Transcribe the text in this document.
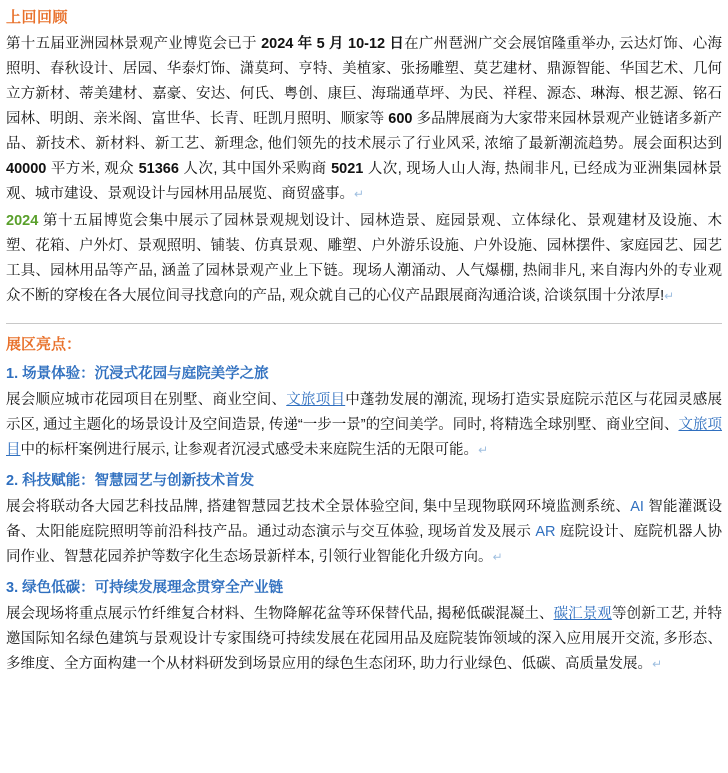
上回回顾

第十五届亚洲园林景观产业博览会已于 2024 年 5 月 10-12 日在广州琶洲广交会展馆隆重举办, 云达灯饰、心海照明、春秋设计、居园、华泰灯饰、潇莫珂、亨特、美植家、张扬雕塑、莫艺建材、鼎源智能、华国艺术、几何立方新材、蒂美建材、嘉豪、安达、何氏、粤创、康巨、海瑞通草坪、为民、祥程、源态、琳海、根艺源、铭石园林、明朗、亲米阁、富世华、长青、旺凯月照明、顺家等 600 多品牌展商为大家带来园林景观产业链诸多新产品、新技术、新材料、新工艺、新理念, 他们领先的技术展示了行业风采, 浓缩了最新潮流趋势。展会面积达到 40000 平方米, 观众 51366 人次, 其中国外采购商 5021 人次, 现场人山人海, 热闹非凡, 已经成为亚洲集园林景观、城市建设、景观设计与园林用品展览、商贸盛事。↵

2024 第十五届博览会集中展示了园林景观规划设计、园林造景、庭园景观、立体绿化、景观建材及设施、木塑、花箱、户外灯、景观照明、铺装、仿真景观、雕塑、户外游乐设施、户外设施、园林摆件、家庭园艺、园艺工具、园林用品等产品, 涵盖了园林景观产业上下链。现场人潮涌动、人气爆棚, 热闹非凡, 来自海内外的专业观众不断的穿梭在各大展位间寻找意向的产品, 观众就自己的心仪产品跟展商沟通洽谈, 洽谈氛围十分浓厚!↵

展区亮点：
1. 场景体验：沉浸式花园与庭院美学之旅

展会顺应城市花园项目在别墅、商业空间、文旅项目中蓬勃发展的潮流, 现场打造实景庭院示范区与花园灵感展示区, 通过主题化的场景设计及空间造景, 传递“一步一景”的空间美学。同时, 将精选全球别墅、商业空间、文旅项目中的标杆案例进行展示, 让参观者沉浸式感受未来庭院生活的无限可能。↵

2. 科技赋能：智慧园艺与创新技术首发

展会将联动各大园艺科技品牌, 搭建智慧园艺技术全景体验空间, 集中呈现物联网环境监测系统、AI 智能灌溉设备、太阳能庭院照明等前沿科技产品。通过动态演示与交互体验, 现场首发及展示 AR 庭院设计、庭院机器人协同作业、智慧花园养护等数字化生态场景新样本, 引领行业智能化升级方向。↵

3. 绿色低碳：可持续发展理念贯穿全产业链

展会现场将重点展示竹纤维复合材料、生物降解花盆等环保替代品, 揭秘低碳混凝土、碳汇景观等创新工艺, 并特邀国际知名绿色建筑与景观设计专家围绕可持续发展在花园用品及庭院装饰领域的深入应用展开交流, 多形态、多维度、全方面构建一个从材料研发到场景应用的绿色生态闭环, 助力行业绿色、低碳、高质量发展。↵
